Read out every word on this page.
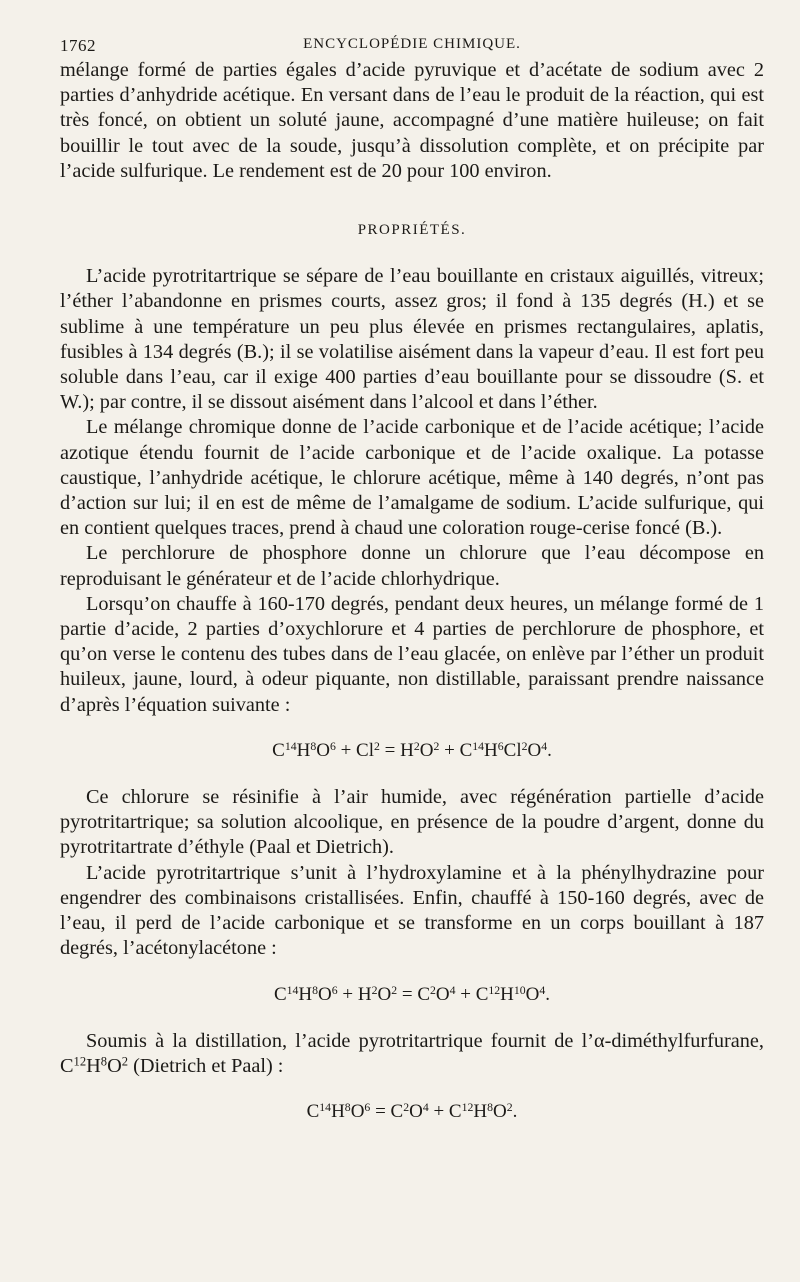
1762	ENCYCLOPÉDIE CHIMIQUE.

mélange formé de parties égales d’acide pyruvique et d’acétate de sodium avec 2 parties d’anhydride acétique. En versant dans de l’eau le produit de la réaction, qui est très foncé, on obtient un soluté jaune, accompagné d’une matière huileuse; on fait bouillir le tout avec de la soude, jusqu’à dissolution complète, et on précipite par l’acide sulfurique. Le rendement est de 20 pour 100 environ.

PROPRIÉTÉS.

L’acide pyrotritartrique se sépare de l’eau bouillante en cristaux aiguillés, vitreux; l’éther l’abandonne en prismes courts, assez gros; il fond à 135 degrés (H.) et se sublime à une température un peu plus élevée en prismes rectangulaires, aplatis, fusibles à 134 degrés (B.); il se volatilise aisément dans la vapeur d’eau. Il est fort peu soluble dans l’eau, car il exige 400 parties d’eau bouillante pour se dissoudre (S. et W.); par contre, il se dissout aisément dans l’alcool et dans l’éther.

Le mélange chromique donne de l’acide carbonique et de l’acide acétique; l’acide azotique étendu fournit de l’acide carbonique et de l’acide oxalique. La potasse caustique, l’anhydride acétique, le chlorure acétique, même à 140 degrés, n’ont pas d’action sur lui; il en est de même de l’amalgame de sodium. L’acide sulfurique, qui en contient quelques traces, prend à chaud une coloration rouge-cerise foncé (B.).

Le perchlorure de phosphore donne un chlorure que l’eau décompose en reproduisant le générateur et de l’acide chlorhydrique.

Lorsqu’on chauffe à 160-170 degrés, pendant deux heures, un mélange formé de 1 partie d’acide, 2 parties d’oxychlorure et 4 parties de perchlorure de phosphore, et qu’on verse le contenu des tubes dans de l’eau glacée, on enlève par l’éther un produit huileux, jaune, lourd, à odeur piquante, non distillable, paraissant prendre naissance d’après l’équation suivante :

$C^{14}H^8O^6 + Cl^2 = H^2O^2 + C^{14}H^6Cl^2O^4$.

Ce chlorure se résinifie à l’air humide, avec régénération partielle d’acide pyrotritartrique; sa solution alcoolique, en présence de la poudre d’argent, donne du pyrotritartrate d’éthyle (Paal et Dietrich).

L’acide pyrotritartrique s’unit à l’hydroxylamine et à la phénylhydrazine pour engendrer des combinaisons cristallisées. Enfin, chauffé à 150-160 degrés, avec de l’eau, il perd de l’acide carbonique et se transforme en un corps bouillant à 187 degrés, l’acétonylacétone :

$C^{14}H^8O^6 + H^2O^2 = C^2O^4 + C^{12}H^{10}O^4$.

Soumis à la distillation, l’acide pyrotritartrique fournit de l’α-diméthylfurfurane, $C^{12}H^8O^2$ (Dietrich et Paal) :

$C^{14}H^8O^6 = C^2O^4 + C^{12}H^8O^2$.
